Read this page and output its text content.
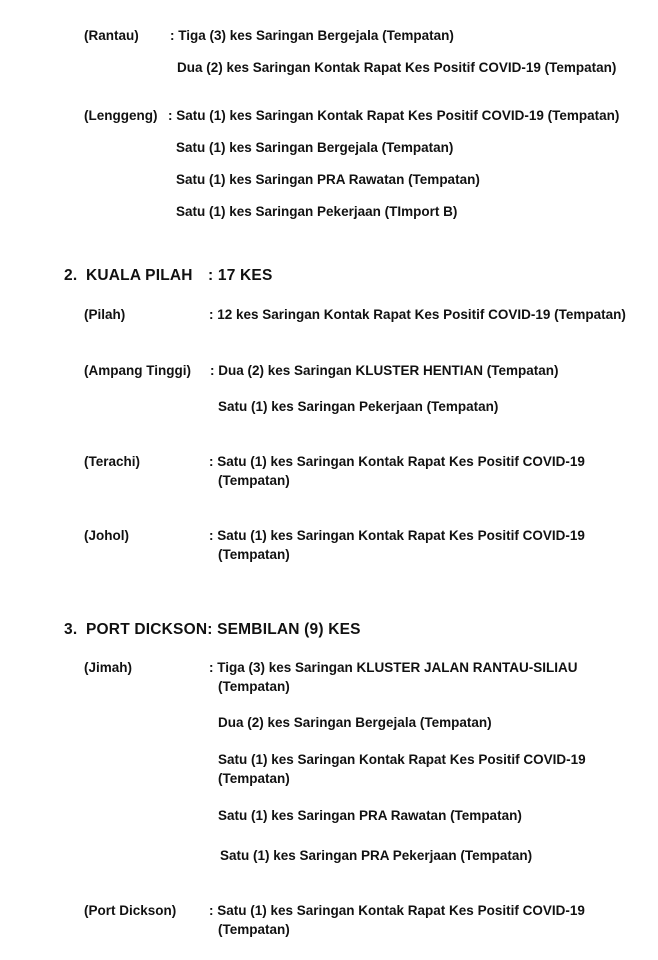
(Rantau) : Tiga (3) kes Saringan Bergejala (Tempatan)
Dua (2) kes Saringan Kontak Rapat Kes Positif COVID-19 (Tempatan)
(Lenggeng) : Satu (1) kes Saringan Kontak Rapat Kes Positif COVID-19 (Tempatan)
Satu (1) kes Saringan Bergejala (Tempatan)
Satu (1) kes Saringan PRA Rawatan (Tempatan)
Satu (1) kes Saringan Pekerjaan (TImport B)
2. KUALA PILAH : 17 KES
(Pilah)	: 12 kes Saringan Kontak Rapat Kes Positif COVID-19 (Tempatan)
(Ampang Tinggi) : Dua (2) kes Saringan KLUSTER HENTIAN (Tempatan)
Satu (1) kes Saringan Pekerjaan (Tempatan)
(Terachi)	: Satu (1) kes Saringan Kontak Rapat Kes Positif COVID-19
(Tempatan)
(Johol)	: Satu (1) kes Saringan Kontak Rapat Kes Positif COVID-19
(Tempatan)
3. PORT DICKSON: SEMBILAN (9) KES
(Jimah)	: Tiga (3) kes Saringan KLUSTER JALAN RANTAU-SILIAU
(Tempatan)
Dua (2) kes Saringan Bergejala (Tempatan)
Satu (1) kes Saringan Kontak Rapat Kes Positif COVID-19
(Tempatan)
Satu (1) kes Saringan PRA Rawatan (Tempatan)
Satu (1) kes Saringan PRA Pekerjaan (Tempatan)
(Port Dickson) : Satu (1) kes Saringan Kontak Rapat Kes Positif COVID-19
(Tempatan)
